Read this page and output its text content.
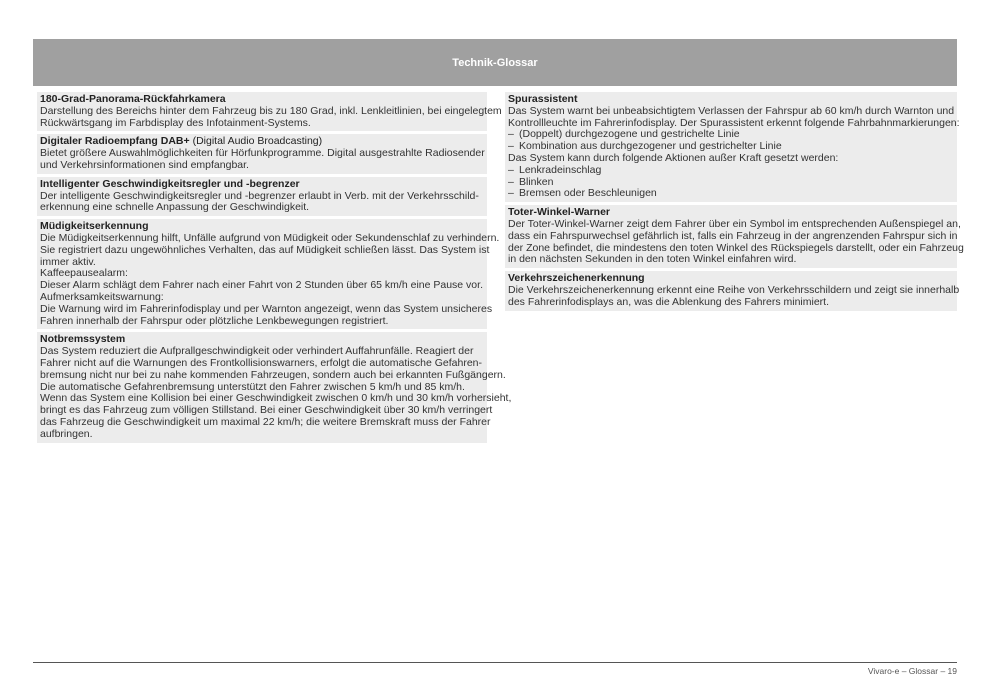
Technik-Glossar
180-Grad-Panorama-Rückfahrkamera
Darstellung des Bereichs hinter dem Fahrzeug bis zu 180 Grad, inkl. Lenkleitlinien, bei eingelegtem
Rückwärtsgang im Farbdisplay des Infotainment-Systems.
Digitaler Radioempfang DAB+ (Digital Audio Broadcasting)
Bietet größere Auswahlmöglichkeiten für Hörfunkprogramme. Digital ausgestrahlte Radiosender
und Verkehrsinformationen sind empfangbar.
Intelligenter Geschwindigkeitsregler und -begrenzer
Der intelligente Geschwindigkeitsregler und -begrenzer erlaubt in Verb. mit der Verkehrsschild-
erkennung eine schnelle Anpassung der Geschwindigkeit.
Müdigkeitserkennung
Die Müdigkeitserkennung hilft, Unfälle aufgrund von Müdigkeit oder Sekundenschlaf zu verhindern.
Sie registriert dazu ungewöhnliches Verhalten, das auf Müdigkeit schließen lässt. Das System ist
immer aktiv.
Kaffeepausealarm:
Dieser Alarm schlägt dem Fahrer nach einer Fahrt von 2 Stunden über 65 km/h eine Pause vor.
Aufmerksamkeitswarnung:
Die Warnung wird im Fahrerinfodisplay und per Warnton angezeigt, wenn das System unsicheres
Fahren innerhalb der Fahrspur oder plötzliche Lenkbewegungen registriert.
Notbremssystem
Das System reduziert die Aufprallgeschwindigkeit oder verhindert Auffahrunfälle. Reagiert der
Fahrer nicht auf die Warnungen des Frontkollisionswarners, erfolgt die automatische Gefahren-
bremsung nicht nur bei zu nahe kommenden Fahrzeugen, sondern auch bei erkannten Fußgängern.
Die automatische Gefahrenbremsung unterstützt den Fahrer zwischen 5 km/h und 85 km/h.
Wenn das System eine Kollision bei einer Geschwindigkeit zwischen 0 km/h und 30 km/h vorhersieht,
bringt es das Fahrzeug zum völligen Stillstand. Bei einer Geschwindigkeit über 30 km/h verringert
das Fahrzeug die Geschwindigkeit um maximal 22 km/h; die weitere Bremskraft muss der Fahrer
aufbringen.
Spurassistent
Das System warnt bei unbeabsichtigtem Verlassen der Fahrspur ab 60 km/h durch Warnton und
Kontrollleuchte im Fahrerinfodisplay. Der Spurassistent erkennt folgende Fahrbahnmarkierungen:
– (Doppelt) durchgezogene und gestrichelte Linie
– Kombination aus durchgezogener und gestrichelter Linie
Das System kann durch folgende Aktionen außer Kraft gesetzt werden:
– Lenkradeinschlag
– Blinken
– Bremsen oder Beschleunigen
Toter-Winkel-Warner
Der Toter-Winkel-Warner zeigt dem Fahrer über ein Symbol im entsprechenden Außenspiegel an,
dass ein Fahrspurwechsel gefährlich ist, falls ein Fahrzeug in der angrenzenden Fahrspur sich in
der Zone befindet, die mindestens den toten Winkel des Rückspiegels darstellt, oder ein Fahrzeug
in den nächsten Sekunden in den toten Winkel einfahren wird.
Verkehrszeichenerkennung
Die Verkehrszeichenerkennung erkennt eine Reihe von Verkehrsschildern und zeigt sie innerhalb
des Fahrerinfodisplays an, was die Ablenkung des Fahrers minimiert.
Vivaro-e – Glossar – 19
